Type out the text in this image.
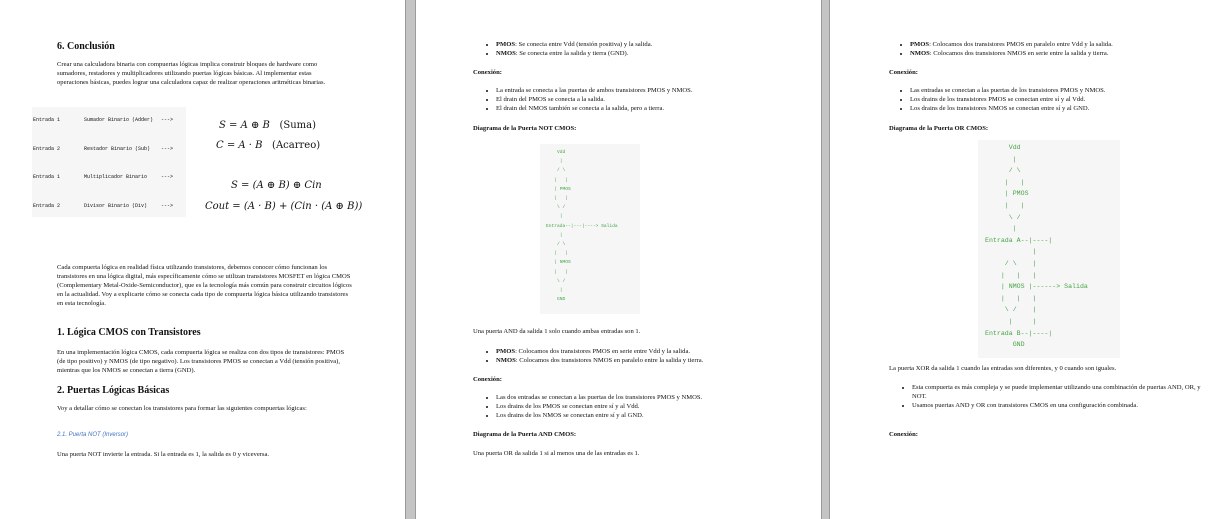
6. Conclusión
Crear una calculadora binaria con compuertas lógicas implica construir bloques de hardware como sumadores, restadores y multiplicadores utilizando puertas lógicas básicas. Al implementar estas operaciones básicas, puedes lograr una calculadora capaz de realizar operaciones aritméticas binarias.
Entrada 1	Sumador Binario (Adder) --->
Entrada 2	Restador Binario (Sub) --->
Entrada 1	Multiplicador Binario	--->
Entrada 2	Divisor Binario (Div)	--->
S = A ⊕ B (Suma)
C = A · B (Acarreo)
S = (A ⊕ B) ⊕ Cin
Cout = (A · B) + (Cin · (A ⊕ B))
Cada compuerta lógica en realidad física utilizando transistores, debemos conocer cómo funcionan los transistores en una lógica digital, más específicamente cómo se utilizan transistores MOSFET en lógica CMOS (Complementary Metal-Oxide-Semiconductor), que es la tecnología más común para construir circuitos lógicos en la actualidad. Voy a explicarte cómo se conecta cada tipo de compuerta lógica básica utilizando transistores en esta tecnología.
1. Lógica CMOS con Transistores
En una implementación lógica CMOS, cada compuerta lógica se realiza con dos tipos de transistores: PMOS (de tipo positivo) y NMOS (de tipo negativo). Los transistores PMOS se conectan a Vdd (tensión positiva), mientras que los NMOS se conectan a tierra (GND).
2. Puertas Lógicas Básicas
Voy a detallar cómo se conectan los transistores para formar las siguientes compuertas lógicas:
2.1. Puerta NOT (Inversor)
Una puerta NOT invierte la entrada. Si la entrada es 1, la salida es 0 y viceversa.
• PMOS: Se conecta entre Vdd (tensión positiva) y la salida.
• NMOS: Se conecta entre la salida y tierra (GND).
Conexión:
• La entrada se conecta a las puertas de ambos transistores PMOS y NMOS.
• El drain del PMOS se conecta a la salida.
• El drain del NMOS también se conecta a la salida, pero a tierra.
Diagrama de la Puerta NOT CMOS:
Vdd
|
/ \
|   |
| PMOS
|   |
\ /
|
Entrada--|---|----> Salida
|
/ \
|   |
| NMOS
|   |
\ /
|
GND
Una puerta AND da salida 1 solo cuando ambas entradas son 1.
• PMOS: Colocamos dos transistores PMOS en serie entre Vdd y la salida.
• NMOS: Colocamos dos transistores NMOS en paralelo entre la salida y tierra.
Conexión:
• Las dos entradas se conectan a las puertas de los transistores PMOS y NMOS.
• Los drains de los PMOS se conectan entre sí y al Vdd.
• Los drains de los NMOS se conectan entre sí y al GND.
Diagrama de la Puerta AND CMOS:
Una puerta OR da salida 1 si al menos una de las entradas es 1.
• PMOS: Colocamos dos transistores PMOS en paralelo entre Vdd y la salida.
• NMOS: Colocamos dos transistores NMOS en serie entre la salida y tierra.
Conexión:
• Las entradas se conectan a las puertas de los transistores PMOS y NMOS.
• Los drains de los transistores PMOS se conectan entre sí y al Vdd.
• Los drains de los transistores NMOS se conectan entre sí y al GND.
Diagrama de la Puerta OR CMOS:
Vdd
|
/ \
|   |
| PMOS
|   |
\ /
|
Entrada A--|----|
|
/ \    |
|   |   |
| NMOS |------> Salida
|   |   |
\ /    |
|     |
Entrada B--|----|
GND
La puerta XOR da salida 1 cuando las entradas son diferentes, y 0 cuando son iguales.
• Esta compuerta es más compleja y se puede implementar utilizando una combinación de puertas AND, OR, y NOT.
• Usamos puertas AND y OR con transistores CMOS en una configuración combinada.
Conexión:
